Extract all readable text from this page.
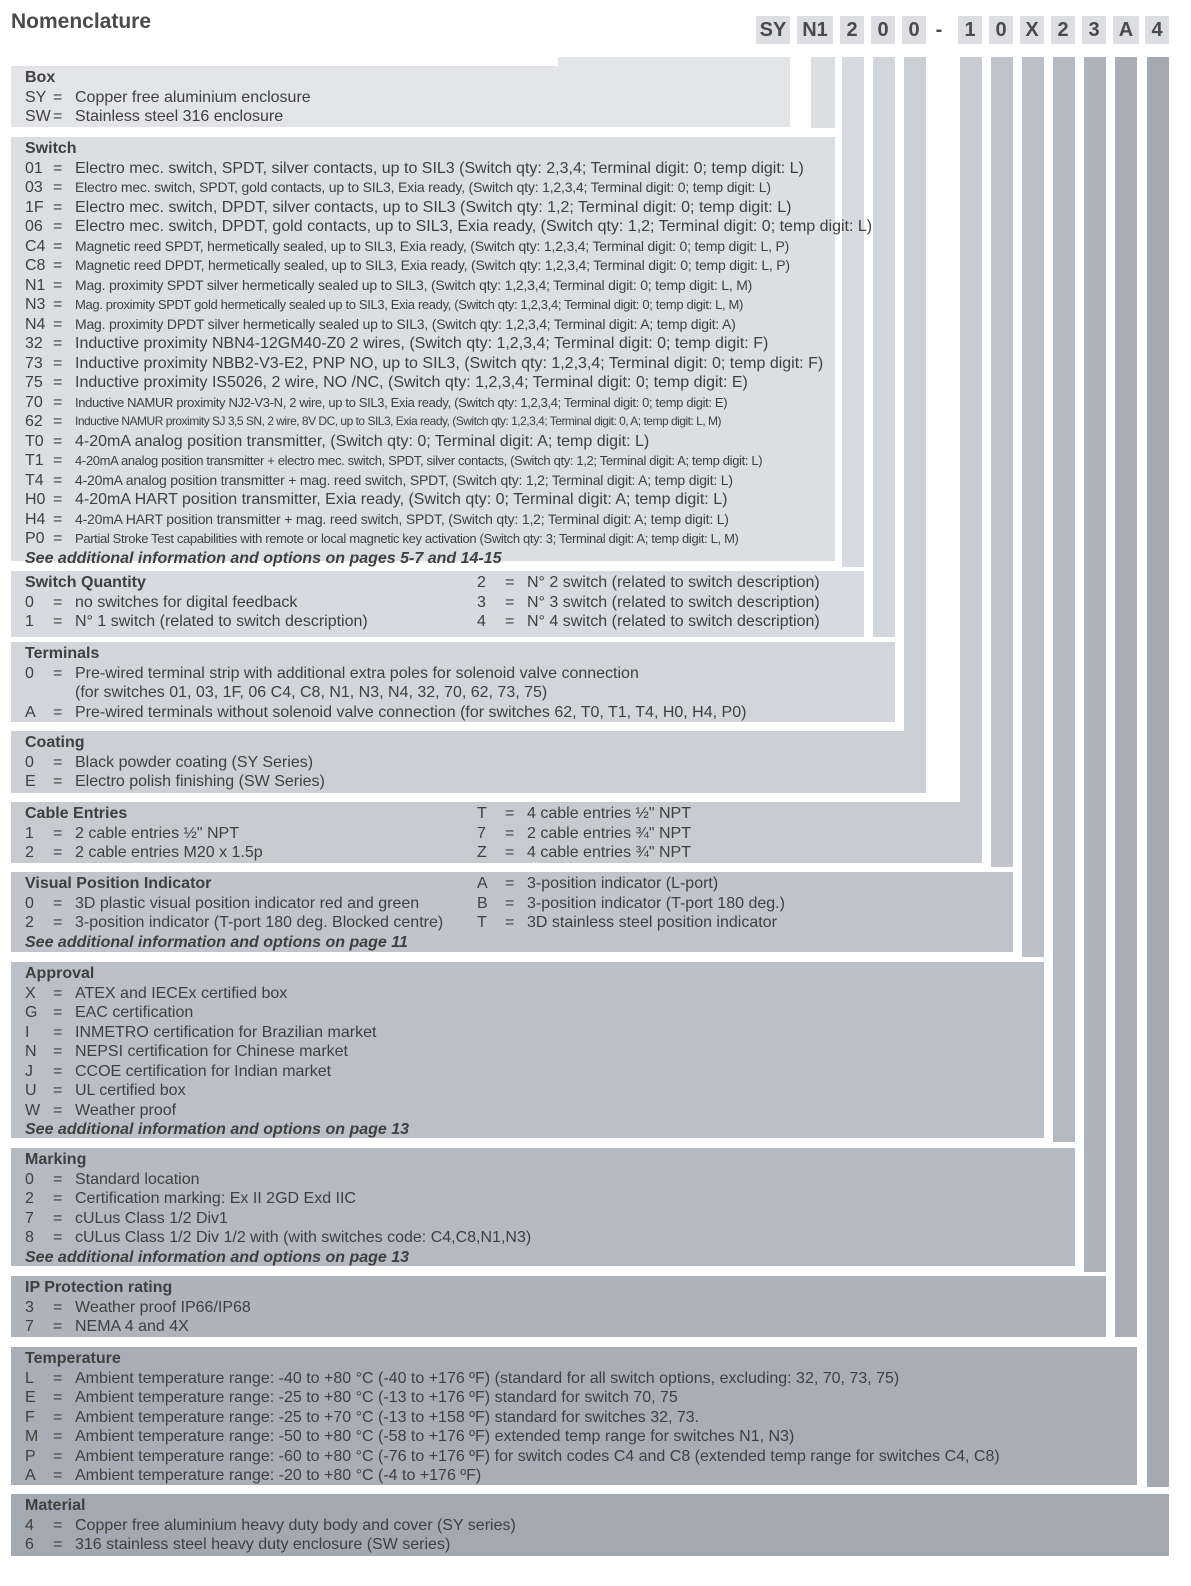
Nomenclature	SY N1 2 0 0 -	1 0 X 2 3 A 4
Box
SY = Copper free aluminium enclosure
SW = Stainless steel 316 enclosure
Switch
01 = Electro mec. switch, SPDT, silver contacts, up to SIL3 (Switch qty: 2,3,4; Terminal digit: 0; temp digit: L)
03 = Electro mec. switch, SPDT, gold contacts, up to SIL3, Exia ready, (Switch qty: 1,2,3,4; Terminal digit: 0; temp digit: L)
1F = Electro mec. switch, DPDT, silver contacts, up to SIL3 (Switch qty: 1,2; Terminal digit: 0; temp digit: L)
06 = Electro mec. switch, DPDT, gold contacts, up to SIL3, Exia ready, (Switch qty: 1,2; Terminal digit: 0; temp digit: L)
C4 = Magnetic reed SPDT, hermetically sealed, up to SIL3, Exia ready, (Switch qty: 1,2,3,4; Terminal digit: 0; temp digit: L, P)
C8 = Magnetic reed DPDT, hermetically sealed, up to SIL3, Exia ready, (Switch qty: 1,2,3,4; Terminal digit: 0; temp digit: L, P)
N1 = Mag. proximity SPDT silver hermetically sealed up to SIL3, (Switch qty: 1,2,3,4; Terminal digit: 0; temp digit: L, M)
N3 = Mag. proximity SPDT gold hermetically sealed up to SIL3, Exia ready, (Switch qty: 1,2,3,4; Terminal digit: 0; temp digit: L, M)
N4 = Mag. proximity DPDT silver hermetically sealed up to SIL3, (Switch qty: 1,2,3,4; Terminal digit: A; temp digit: A)
32 = Inductive proximity NBN4-12GM40-Z0 2 wires, (Switch qty: 1,2,3,4; Terminal digit: 0; temp digit: F)
73 = Inductive proximity NBB2-V3-E2, PNP NO, up to SIL3, (Switch qty: 1,2,3,4; Terminal digit: 0; temp digit: F)
75 = Inductive proximity IS5026, 2 wire, NO /NC, (Switch qty: 1,2,3,4; Terminal digit: 0; temp digit: E)
70 = Inductive NAMUR proximity NJ2-V3-N, 2 wire, up to SIL3, Exia ready, (Switch qty: 1,2,3,4; Terminal digit: 0; temp digit: E)
62 =	Inductive NAMUR proximity SJ 3,5 SN, 2 wire, 8V DC, up to SIL3, Exia ready, (Switch qty: 1,2,3,4; Terminal digit: 0, A; temp digit: L, M)
T0 = 4-20mA analog position transmitter, (Switch qty: 0; Terminal digit: A; temp digit: L)
T1 = 4-20mA analog position transmitter + electro mec. switch, SPDT, silver contacts, (Switch qty: 1,2; Terminal digit: A; temp digit: L)
T4 = 4-20mA analog position transmitter + mag. reed switch, SPDT, (Switch qty: 1,2; Terminal digit: A; temp digit: L)
H0 = 4-20mA HART position transmitter, Exia ready, (Switch qty: 0; Terminal digit: A; temp digit: L)
H4 = 4-20mA HART position transmitter + mag. reed switch, SPDT, (Switch qty: 1,2; Terminal digit: A; temp digit: L)
P0 = Partial Stroke Test capabilities with remote or local magnetic key activation (Switch qty: 3; Terminal digit: A; temp digit: L, M)
See additional information and options on pages 5-7 and 14-15
Switch Quantity
0	= no switches for digital feedback
1	= N° 1 switch (related to switch description)
2	= N° 2 switch (related to switch description)
3	= N° 3 switch (related to switch description)
4	= N° 4 switch (related to switch description)
Terminals
0	= Pre-wired terminal strip with additional extra poles for solenoid valve connection
(for switches 01, 03, 1F, 06 C4, C8, N1, N3, N4, 32, 70, 62, 73, 75)
A	= Pre-wired terminals without solenoid valve connection (for switches 62, T0, T1, T4, H0, H4, P0)
Coating
0	= Black powder coating (SY Series)
E	= Electro polish finishing (SW Series)
Cable Entries
1	= 2 cable entries ½" NPT
2	= 2 cable entries M20 x 1.5p
T	= 4 cable entries ½" NPT
7	= 2 cable entries ¾" NPT
Z	= 4 cable entries ¾" NPT
Visual Position Indicator
0	= 3D plastic visual position indicator red and green
2	= 3-position indicator (T-port 180 deg. Blocked centre)
A	= 3-position indicator (L-port)
B	= 3-position indicator (T-port 180 deg.)
T	= 3D stainless steel position indicator
See additional information and options on page 11
Approval
X	= ATEX and IECEx certified box
G = EAC certification
I	= INMETRO certification for Brazilian market
N	= NEPSI certification for Chinese market
J	= CCOE certification for Indian market
U	= UL certified box
W = Weather proof
See additional information and options on page 13
Marking
0	= Standard location
2	= Certification marking: Ex II 2GD Exd IIC
7	= cULus Class 1/2 Div1
8	= cULus Class 1/2 Div 1/2 with (with switches code: C4,C8,N1,N3)
See additional information and options on page 13
IP Protection rating
3	= Weather proof IP66/IP68
7	= NEMA 4 and 4X
Temperature
L	= Ambient temperature range: -40 to +80 °C (-40 to +176 ºF) (standard for all switch options, excluding: 32, 70, 73, 75)
E	= Ambient temperature range: -25 to +80 °C (-13 to +176 ºF) standard for switch 70, 75
F	= Ambient temperature range: -25 to +70 °C (-13 to +158 ºF) standard for switches 32, 73.
M = Ambient temperature range: -50 to +80 °C (-58 to +176 ºF) extended temp range for switches N1, N3)
P	= Ambient temperature range: -60 to +80 °C (-76 to +176 ºF) for switch codes C4 and C8 (extended temp range for switches C4, C8)
A	= Ambient temperature range: -20 to +80 °C (-4 to +176 ºF)
Material
4	= Copper free aluminium heavy duty body and cover (SY series)
6	= 316 stainless steel heavy duty enclosure (SW series)
